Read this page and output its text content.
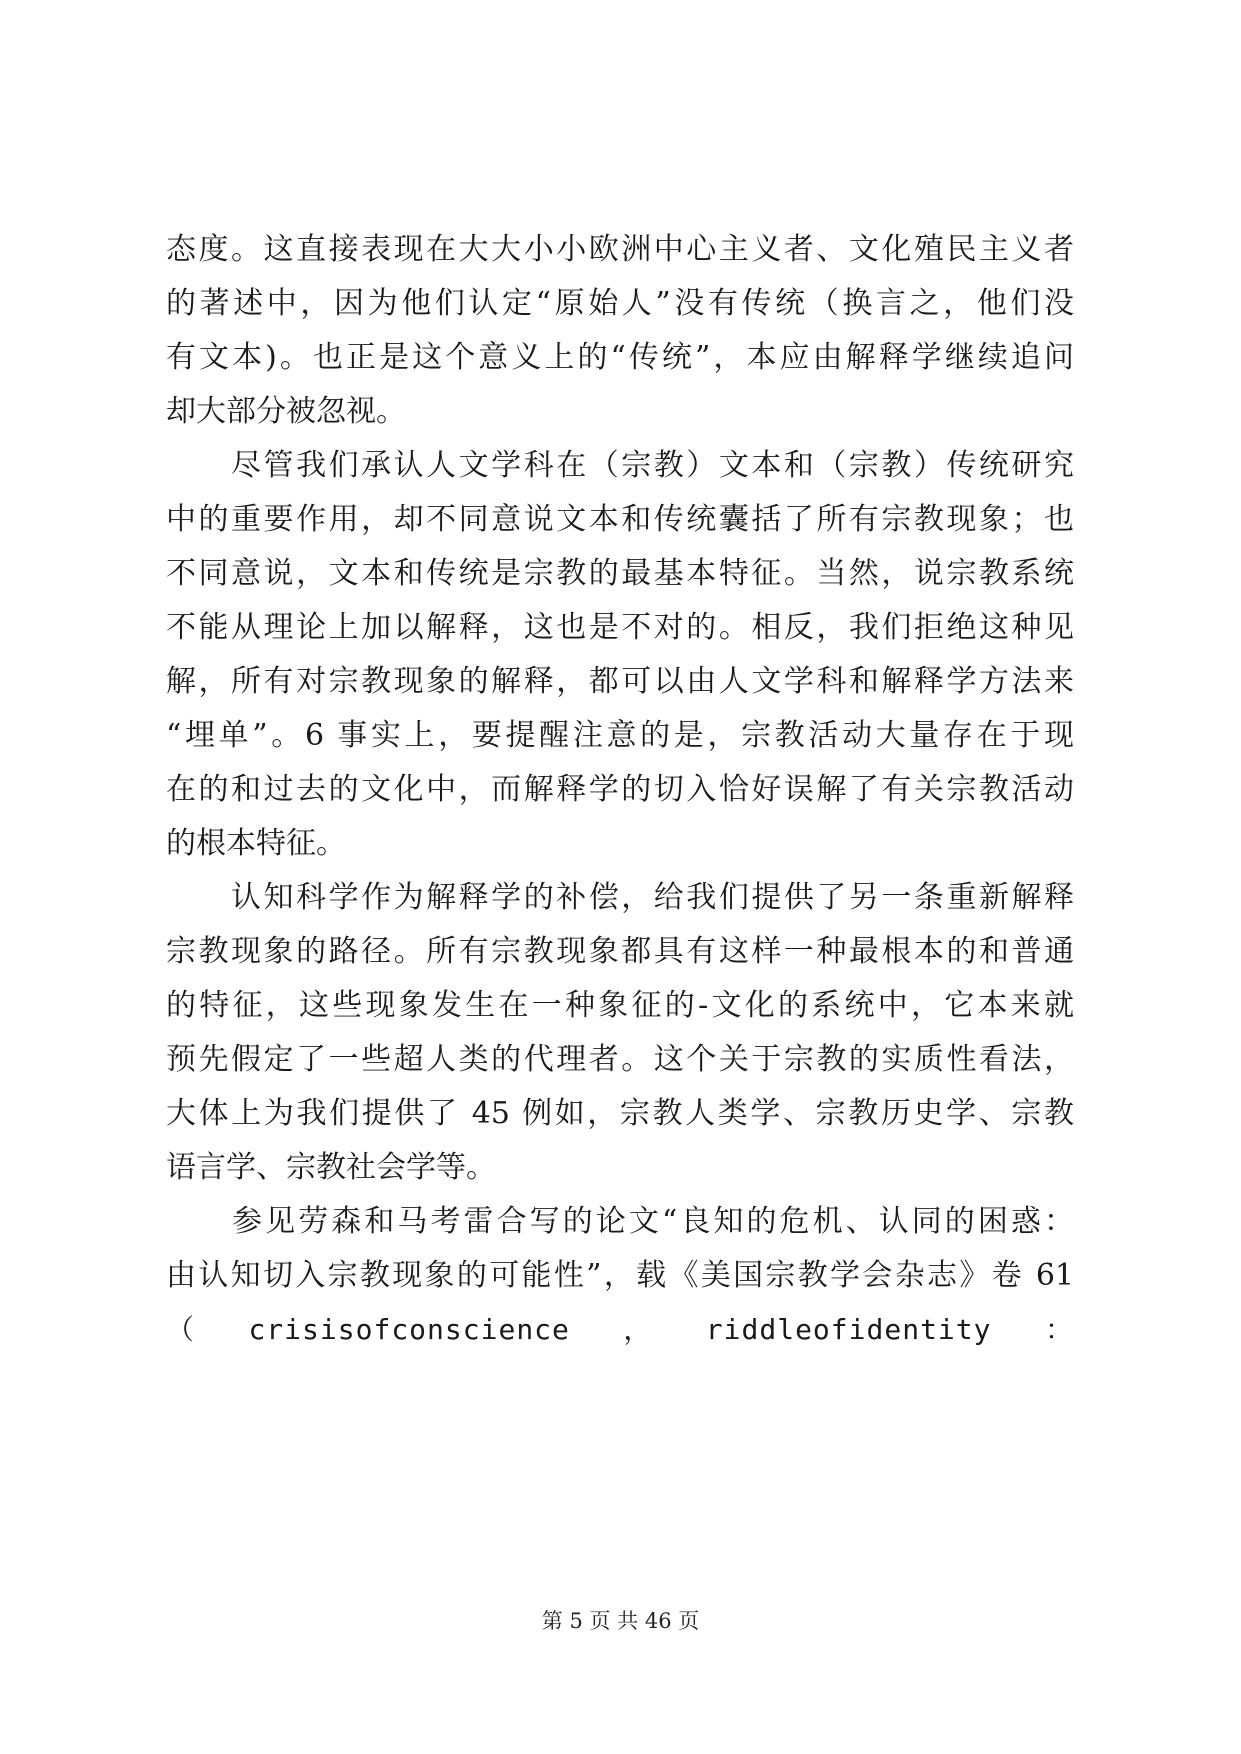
态度。这直接表现在大大小小欧洲中心主义者、文化殖民主义者
的著述中，因为他们认定“原始人”没有传统（换言之，他们没
有文本)。也正是这个意义上的“传统”，本应由解释学继续追问
却大部分被忽视。
　　尽管我们承认人文学科在（宗教）文本和（宗教）传统研究
中的重要作用，却不同意说文本和传统囊括了所有宗教现象；也
不同意说，文本和传统是宗教的最基本特征。当然，说宗教系统
不能从理论上加以解释，这也是不对的。相反，我们拒绝这种见
解，所有对宗教现象的解释，都可以由人文学科和解释学方法来
“埋单”。6 事实上，要提醒注意的是，宗教活动大量存在于现
在的和过去的文化中，而解释学的切入恰好误解了有关宗教活动
的根本特征。
　　认知科学作为解释学的补偿，给我们提供了另一条重新解释
宗教现象的路径。所有宗教现象都具有这样一种最根本的和普通
的特征，这些现象发生在一种象征的-文化的系统中，它本来就
预先假定了一些超人类的代理者。这个关于宗教的实质性看法，
大体上为我们提供了 45 例如，宗教人类学、宗教历史学、宗教
语言学、宗教社会学等。
　　参见劳森和马考雷合写的论文“良知的危机、认同的困惑：
由认知切入宗教现象的可能性”，载《美国宗教学会杂志》卷 61
（ crisisofconscience ， riddleofidentity ：
第 5 页 共 46 页
